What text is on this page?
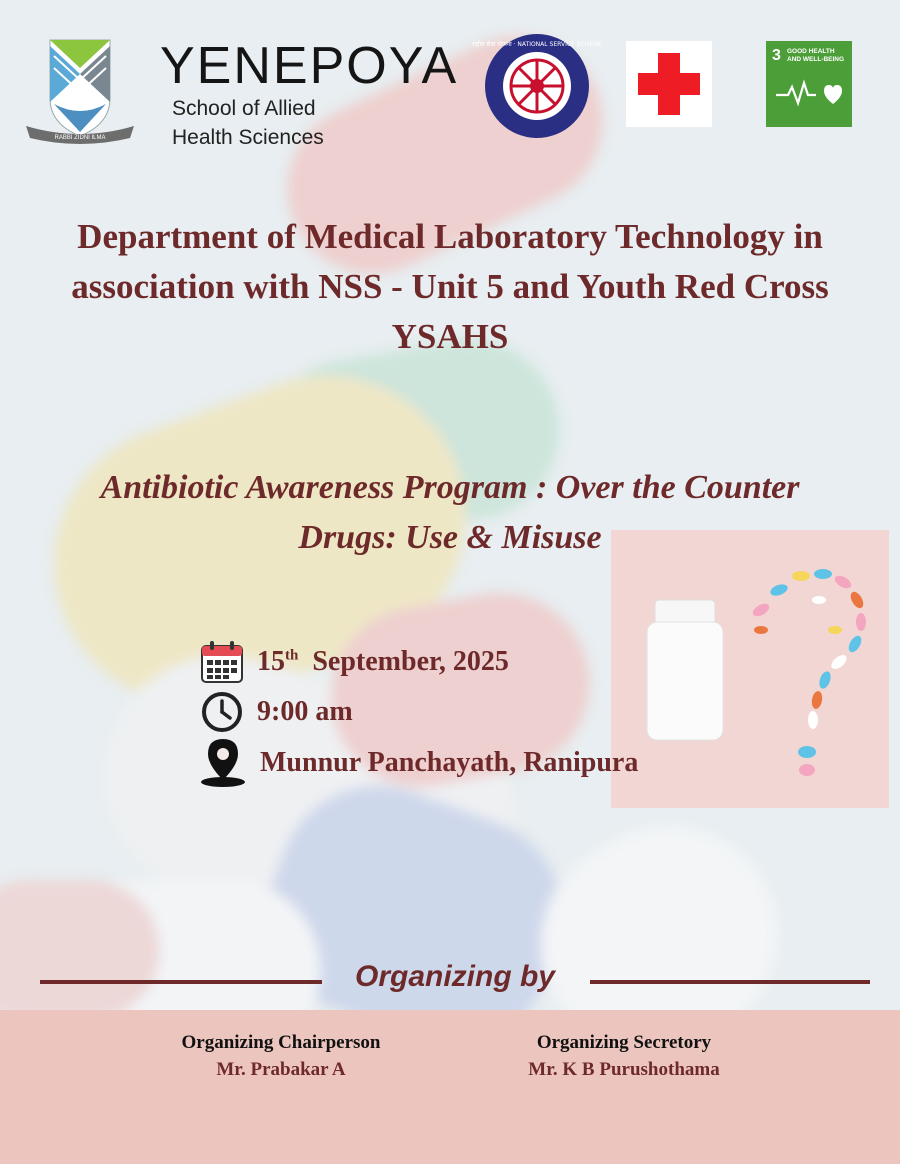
RABBI ZIDNI ILMA
YENEPOYA
School of Allied
Health Sciences
राष्ट्रीय सेवा योजना · NATIONAL SERVICE SCHEME
3 GOOD HEALTH
AND WELL-BEING
Department of Medical Laboratory Technology in
association with NSS - Unit 5 and Youth Red Cross
YSAHS
Antibiotic Awareness Program : Over the Counter
Drugs: Use & Misuse
15th September, 2025
9:00 am
Munnur Panchayath, Ranipura
Organizing by
Organizing Chairperson
Mr. Prabakar A
Organizing Secretory
Mr. K B Purushothama
